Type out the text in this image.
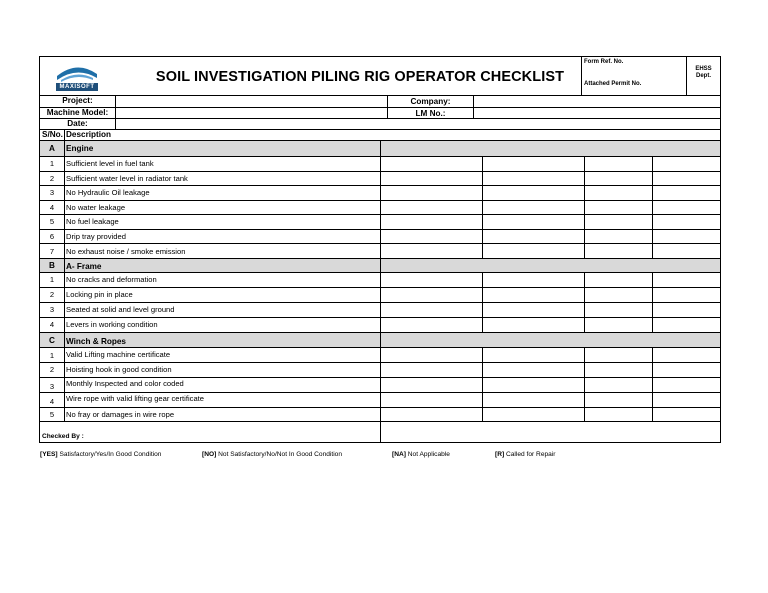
MAXISOFT
SOIL INVESTIGATION PILING RIG OPERATOR CHECKLIST
Form Ref. No.
Attached Permit No.
EHSS
Dept.
Project:	Company:
Machine Model:	LM No.:
Date:
S/No. Description
A	Engine
1	Sufficient level in fuel tank
2	Sufficient water level in radiator tank
3	No Hydraulic Oil leakage
4	No water leakage
5	No fuel leakage
6	Drip tray provided
7	No exhaust noise / smoke emission
B	A- Frame
1	No cracks and deformation
2	Locking pin in place
3	Seated at solid and level ground
4	Levers in working condition
C	Winch & Ropes
1	Valid Lifting machine certificate
2	Hoisting hook in good condition
3	Monthly Inspected and color coded
4	Wire rope with valid lifting gear certificate
5	No fray or damages in wire rope
Checked By :
[YES] Satisfactory/Yes/In Good Condition	[NO] Not Satisfactory/No/Not In Good Condition	[NA] Not Applicable	[R] Called for Repair
